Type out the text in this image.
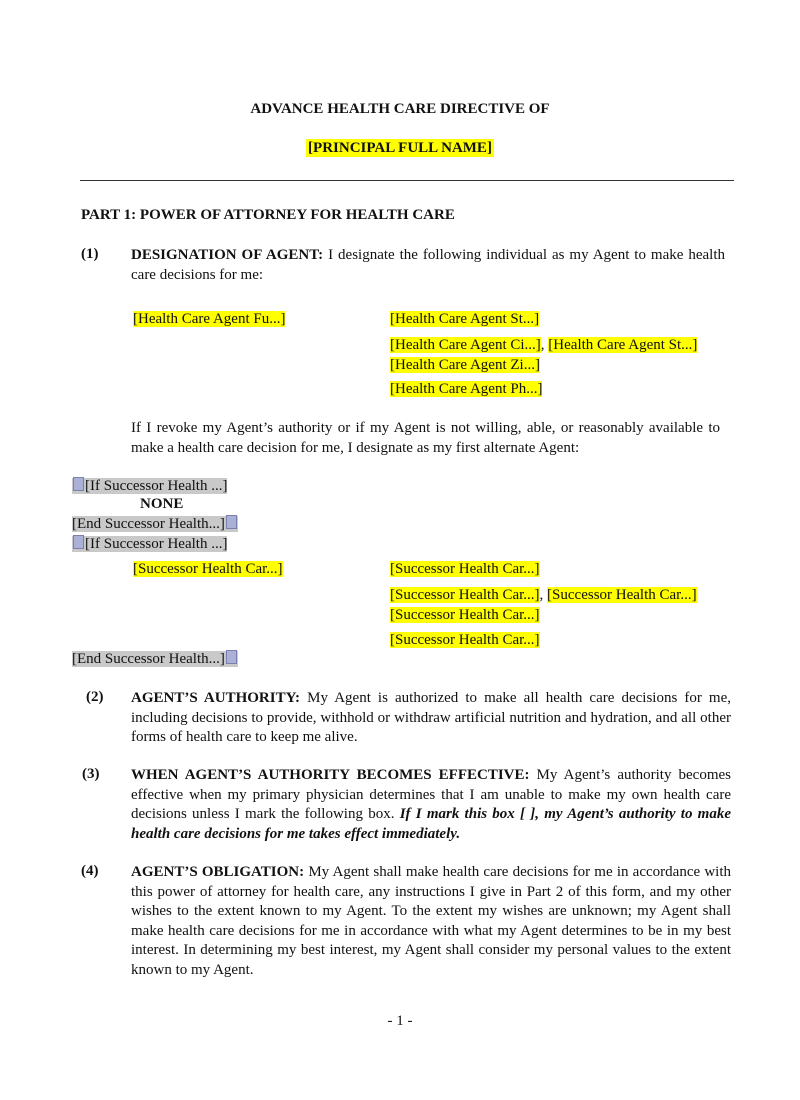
ADVANCE HEALTH CARE DIRECTIVE OF
[PRINCIPAL FULL NAME]
PART 1: POWER OF ATTORNEY FOR HEALTH CARE
(1) DESIGNATION OF AGENT: I designate the following individual as my Agent to make health care decisions for me:
[Health Care Agent Fu...]	[Health Care Agent St...]
[Health Care Agent Ci...], [Health Care Agent St...] [Health Care Agent Zi...]
[Health Care Agent Ph...]
If I revoke my Agent’s authority or if my Agent is not willing, able, or reasonably available to make a health care decision for me, I designate as my first alternate Agent:
[If Successor Health ...]
NONE
[End Successor Health...]
[If Successor Health ...]
[Successor Health Car...]	[Successor Health Car...]
[Successor Health Car...], [Successor Health Car...] [Successor Health Car...]
[Successor Health Car...]
[End Successor Health...]
(2) AGENT’S AUTHORITY: My Agent is authorized to make all health care decisions for me, including decisions to provide, withhold or withdraw artificial nutrition and hydration, and all other forms of health care to keep me alive.
(3) WHEN AGENT’S AUTHORITY BECOMES EFFECTIVE: My Agent’s authority becomes effective when my primary physician determines that I am unable to make my own health care decisions unless I mark the following box. If I mark this box [ ], my Agent’s authority to make health care decisions for me takes effect immediately.
(4) AGENT’S OBLIGATION: My Agent shall make health care decisions for me in accordance with this power of attorney for health care, any instructions I give in Part 2 of this form, and my other wishes to the extent known to my Agent. To the extent my wishes are unknown; my Agent shall make health care decisions for me in accordance with what my Agent determines to be in my best interest. In determining my best interest, my Agent shall consider my personal values to the extent known to my Agent.
- 1 -
